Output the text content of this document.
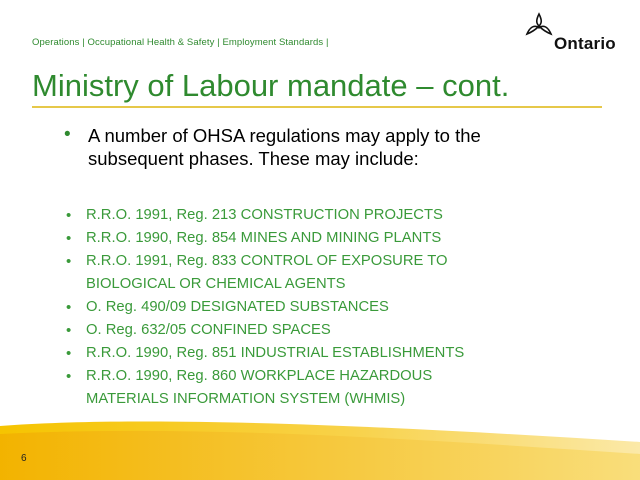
Operations | Occupational Health & Safety | Employment Standards |	Ontario
Ministry of Labour mandate – cont.
• A number of OHSA regulations may apply to the
subsequent phases. These may include:
• R.R.O. 1991, Reg. 213 CONSTRUCTION PROJECTS
• R.R.O. 1990, Reg. 854 MINES AND MINING PLANTS
• R.R.O. 1991, Reg. 833 CONTROL OF EXPOSURE TO
BIOLOGICAL OR CHEMICAL AGENTS
• O. Reg. 490/09 DESIGNATED SUBSTANCES
• O. Reg. 632/05 CONFINED SPACES
• R.R.O. 1990, Reg. 851 INDUSTRIAL ESTABLISHMENTS
• R.R.O. 1990, Reg. 860 WORKPLACE HAZARDOUS
MATERIALS INFORMATION SYSTEM (WHMIS)
6
